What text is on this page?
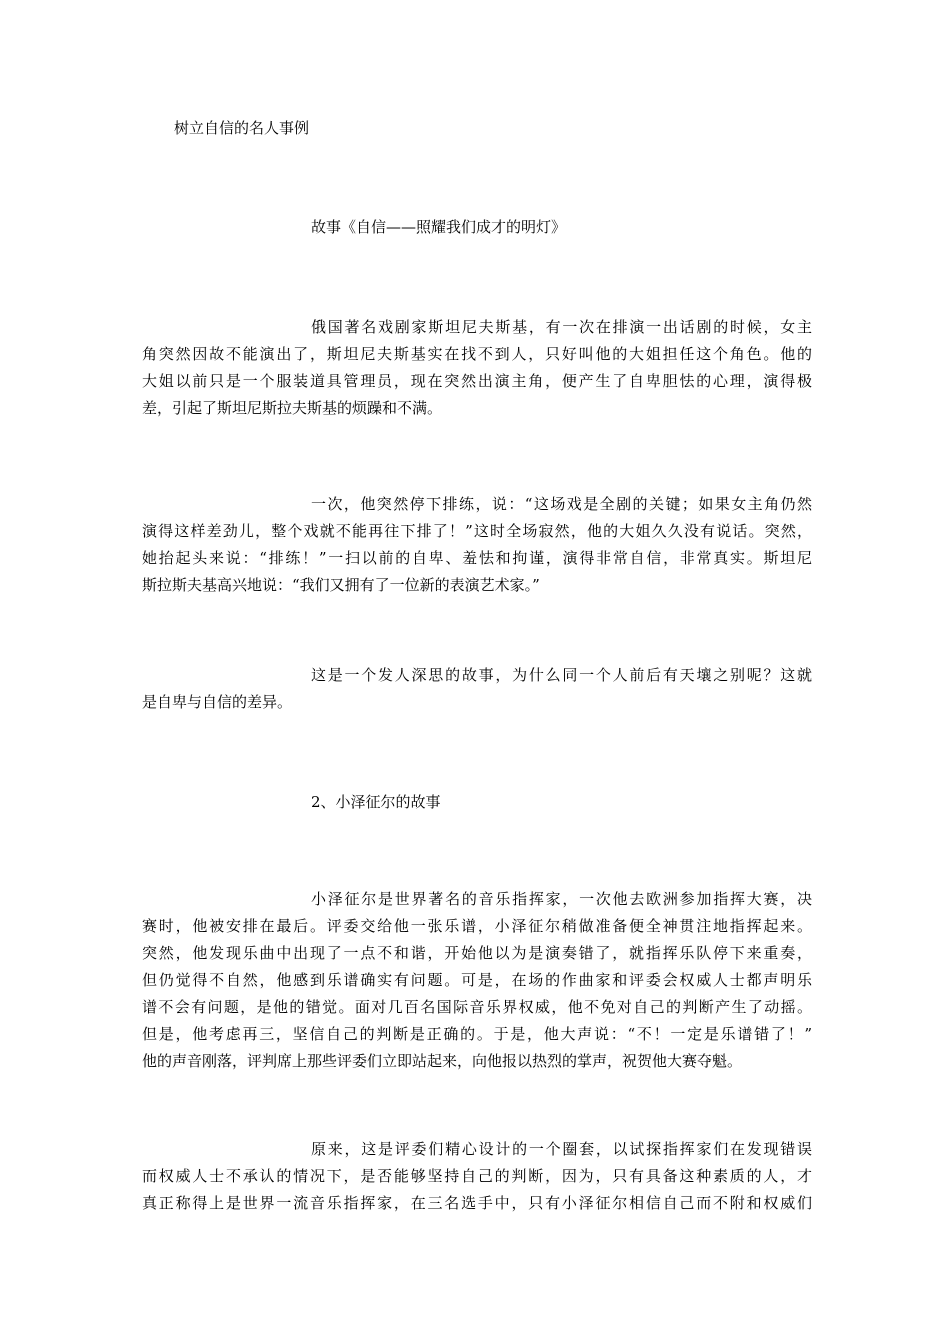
树立自信的名人事例
故事《自信——照耀我们成才的明灯》
俄国著名戏剧家斯坦尼夫斯基，有一次在排演一出话剧的时候，女主
角突然因故不能演出了，斯坦尼夫斯基实在找不到人，只好叫他的大姐担任这个角色。他的
大姐以前只是一个服装道具管理员，现在突然出演主角，便产生了自卑胆怯的心理，演得极
差，引起了斯坦尼斯拉夫斯基的烦躁和不满。
一次，他突然停下排练，说：“这场戏是全剧的关键；如果女主角仍然
演得这样差劲儿，整个戏就不能再往下排了！”这时全场寂然，他的大姐久久没有说话。突然，
她抬起头来说：“排练！”一扫以前的自卑、羞怯和拘谨，演得非常自信，非常真实。斯坦尼
斯拉斯夫基高兴地说：“我们又拥有了一位新的表演艺术家。”
这是一个发人深思的故事，为什么同一个人前后有天壤之别呢？这就
是自卑与自信的差异。
2、小泽征尔的故事
小泽征尔是世界著名的音乐指挥家，一次他去欧洲参加指挥大赛，决
赛时，他被安排在最后。评委交给他一张乐谱，小泽征尔稍做准备便全神贯注地指挥起来。
突然，他发现乐曲中出现了一点不和谐，开始他以为是演奏错了，就指挥乐队停下来重奏，
但仍觉得不自然，他感到乐谱确实有问题。可是，在场的作曲家和评委会权威人士都声明乐
谱不会有问题，是他的错觉。面对几百名国际音乐界权威，他不免对自己的判断产生了动摇。
但是，他考虑再三，坚信自己的判断是正确的。于是，他大声说：“不！一定是乐谱错了！”
他的声音刚落，评判席上那些评委们立即站起来，向他报以热烈的掌声，祝贺他大赛夺魁。
原来，这是评委们精心设计的一个圈套，以试探指挥家们在发现错误
而权威人士不承认的情况下，是否能够坚持自己的判断，因为，只有具备这种素质的人，才
真正称得上是世界一流音乐指挥家，在三名选手中，只有小泽征尔相信自己而不附和权威们
